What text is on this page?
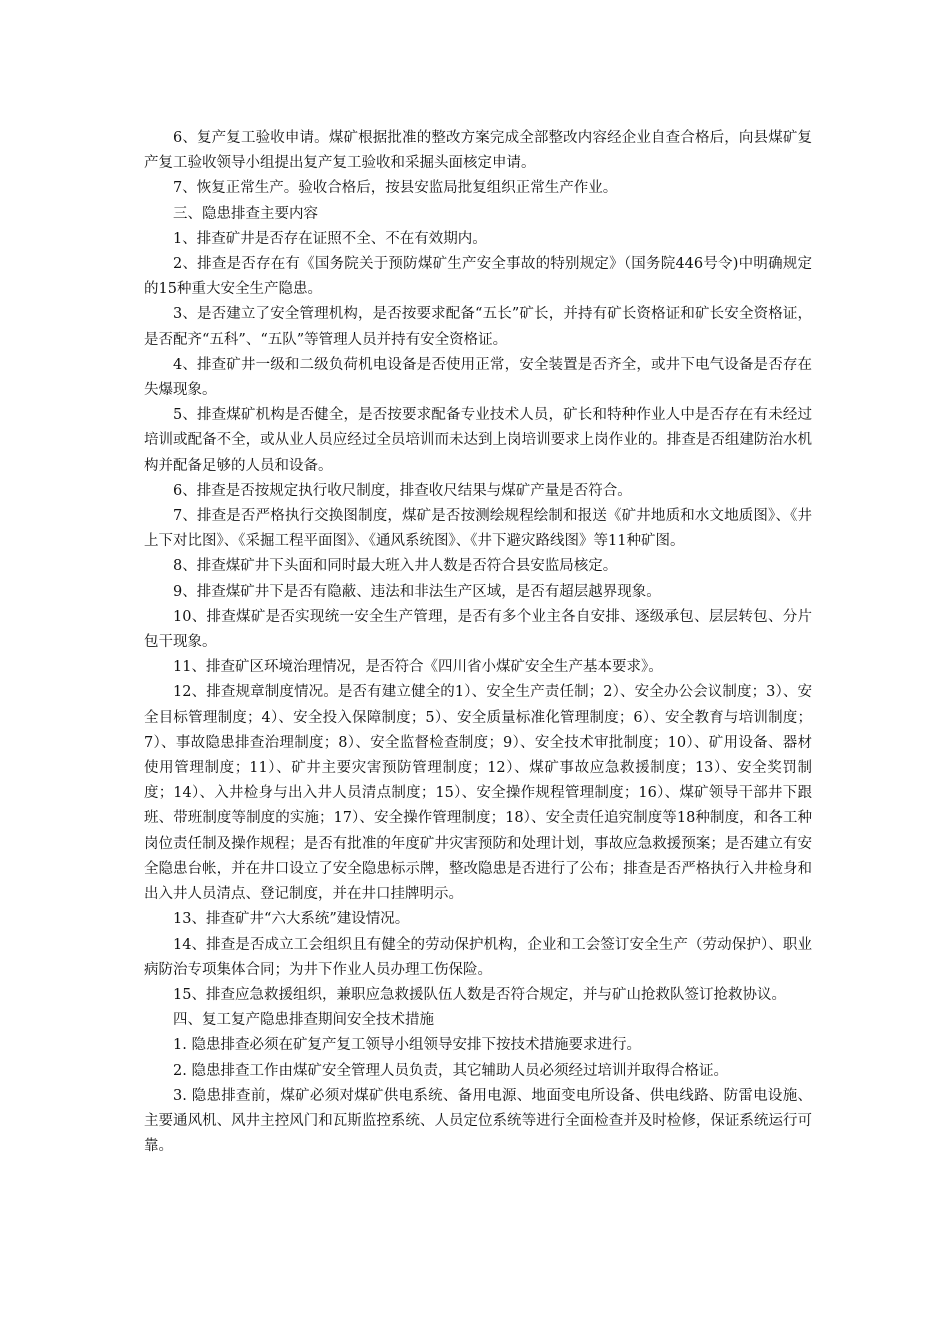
6、复产复工验收申请。煤矿根据批准的整改方案完成全部整改内容经企业自查合格后，向县煤矿复产复工验收领导小组提出复产复工验收和采掘头面核定申请。

7、恢复正常生产。验收合格后，按县安监局批复组织正常生产作业。

三、隐患排查主要内容

1、排查矿井是否存在证照不全、不在有效期内。

2、排查是否存在有《国务院关于预防煤矿生产安全事故的特别规定》（国务院446号令)中明确规定的15种重大安全生产隐患。

3、是否建立了安全管理机构，是否按要求配备“五长”矿长，并持有矿长资格证和矿长安全资格证，是否配齐“五科”、“五队”等管理人员并持有安全资格证。

4、排查矿井一级和二级负荷机电设备是否使用正常，安全装置是否齐全，或井下电气设备是否存在失爆现象。

5、排查煤矿机构是否健全，是否按要求配备专业技术人员，矿长和特种作业人中是否存在有未经过培训或配备不全，或从业人员应经过全员培训而未达到上岗培训要求上岗作业的。排查是否组建防治水机构并配备足够的人员和设备。

6、排查是否按规定执行收尺制度，排查收尺结果与煤矿产量是否符合。

7、排查是否严格执行交换图制度，煤矿是否按测绘规程绘制和报送《矿井地质和水文地质图》、《井上下对比图》、《采掘工程平面图》、《通风系统图》、《井下避灾路线图》等11种矿图。

8、排查煤矿井下头面和同时最大班入井人数是否符合县安监局核定。

9、排查煤矿井下是否有隐蔽、违法和非法生产区域，是否有超层越界现象。

10、排查煤矿是否实现统一安全生产管理，是否有多个业主各自安排、逐级承包、层层转包、分片包干现象。

11、排查矿区环境治理情况，是否符合《四川省小煤矿安全生产基本要求》。

12、排查规章制度情况。是否有建立健全的1）、安全生产责任制；2）、安全办公会议制度；3）、安全目标管理制度；4）、安全投入保障制度；5）、安全质量标准化管理制度；6）、安全教育与培训制度；7）、事故隐患排查治理制度；8）、安全监督检查制度；9）、安全技术审批制度；10）、矿用设备、器材使用管理制度；11）、矿井主要灾害预防管理制度；12）、煤矿事故应急救援制度；13）、安全奖罚制度；14）、入井检身与出入井人员清点制度；15）、安全操作规程管理制度；16）、煤矿领导干部井下跟班、带班制度等制度的实施；17）、安全操作管理制度；18）、安全责任追究制度等18种制度，和各工种岗位责任制及操作规程；是否有批准的年度矿井灾害预防和处理计划，事故应急救援预案；是否建立有安全隐患台帐，并在井口设立了安全隐患标示牌，整改隐患是否进行了公布；排查是否严格执行入井检身和出入井人员清点、登记制度，并在井口挂牌明示。

13、排查矿井“六大系统”建设情况。

14、排查是否成立工会组织且有健全的劳动保护机构，企业和工会签订安全生产（劳动保护）、职业病防治专项集体合同；为井下作业人员办理工伤保险。

15、排查应急救援组织，兼职应急救援队伍人数是否符合规定，并与矿山抢救队签订抢救协议。

四、复工复产隐患排查期间安全技术措施

1. 隐患排查必须在矿复产复工领导小组领导安排下按技术措施要求进行。

2. 隐患排查工作由煤矿安全管理人员负责，其它辅助人员必须经过培训并取得合格证。

3. 隐患排查前，煤矿必须对煤矿供电系统、备用电源、地面变电所设备、供电线路、防雷电设施、主要通风机、风井主控风门和瓦斯监控系统、人员定位系统等进行全面检查并及时检修，保证系统运行可靠。
